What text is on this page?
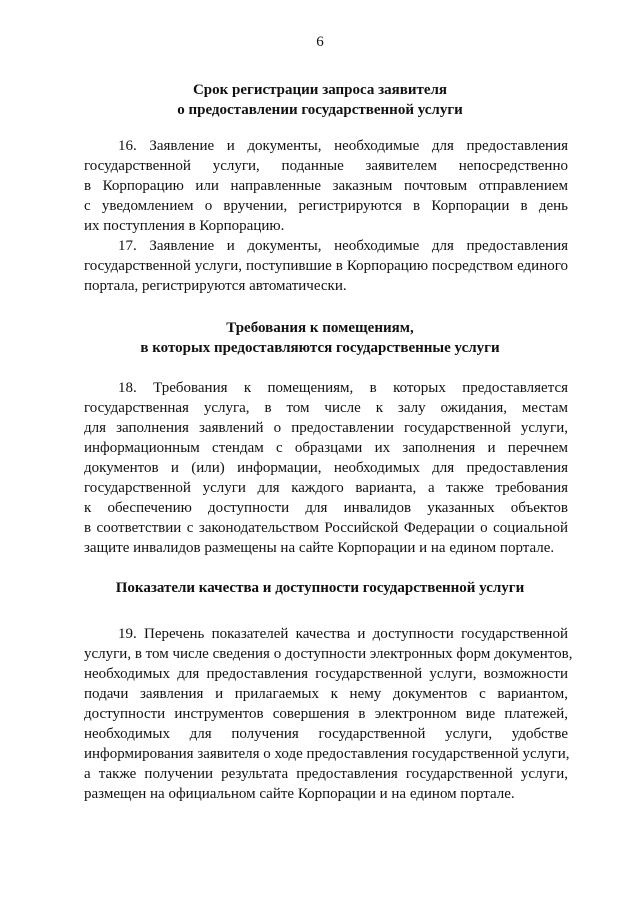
6
Срок регистрации запроса заявителя
о предоставлении государственной услуги
16. Заявление и документы, необходимые для предоставления
государственной услуги, поданные заявителем непосредственно
в Корпорацию или направленные заказным почтовым отправлением
с уведомлением о вручении, регистрируются в Корпорации в день
их поступления в Корпорацию.
17. Заявление и документы, необходимые для предоставления
государственной услуги, поступившие в Корпорацию посредством единого
портала, регистрируются автоматически.
Требования к помещениям,
в которых предоставляются государственные услуги
18. Требования к помещениям, в которых предоставляется
государственная услуга, в том числе к залу ожидания, местам
для заполнения заявлений о предоставлении государственной услуги,
информационным стендам с образцами их заполнения и перечнем
документов и (или) информации, необходимых для предоставления
государственной услуги для каждого варианта, а также требования
к обеспечению доступности для инвалидов указанных объектов
в соответствии с законодательством Российской Федерации о социальной
защите инвалидов размещены на сайте Корпорации и на едином портале.
Показатели качества и доступности государственной услуги
19. Перечень показателей качества и доступности государственной
услуги, в том числе сведения о доступности электронных форм документов,
необходимых для предоставления государственной услуги, возможности
подачи заявления и прилагаемых к нему документов с вариантом,
доступности инструментов совершения в электронном виде платежей,
необходимых для получения государственной услуги, удобстве
информирования заявителя о ходе предоставления государственной услуги,
а также получении результата предоставления государственной услуги,
размещен на официальном сайте Корпорации и на едином портале.
